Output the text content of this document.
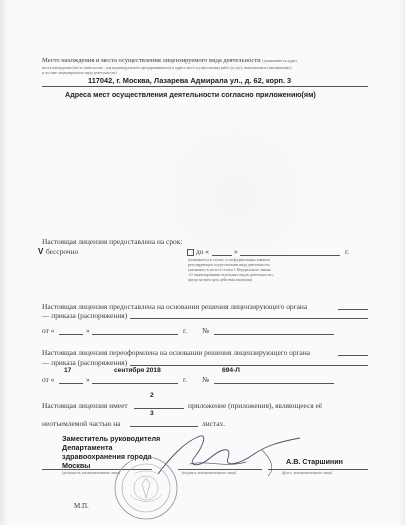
Место нахождения и места осуществления лицензируемого вида деятельности (указываются адрес
места нахождения (место жительства - для индивидуального предпринимателя) и адреса мест осуществления работ (услуг), выполняемых (оказываемых)
в составе лицензируемого вида деятельности)
117042, г. Москва, Лазарева Адмирала ул., д. 62, корп. 3
Адреса мест осуществления деятельности согласно приложению(ям)
Настоящая лицензия предоставлена на срок:
V бессрочно	до «	»	г.
(указывается в случае, если федеральным законом,
регулирующим осуществление вида деятельности,
указанного в части 4 статьи 1 Федерального закона
«О лицензировании отдельных видов деятельности»,
предусмотрен срок действия лицензии)
Настоящая лицензия предоставлена на основании решения лицензирующего органа
— приказа (распоряжения)
от «	»	г. №
Настоящая лицензия переоформлена на основании решения лицензирующего органа
— приказа (распоряжения)
17	сентября 2018	694-Л
от «	»	г. №
2
Настоящая лицензия имеет	приложение (приложения), являющееся её
3
неотъемлемой частью на	листах.
Заместитель руководителя
Департамента
здравоохранения города
Москвы
(должность уполномоченного лица)	(подпись уполномоченного лица)
А.В. Старшинин
(ф.и.о. уполномоченного лица)
М.П.
